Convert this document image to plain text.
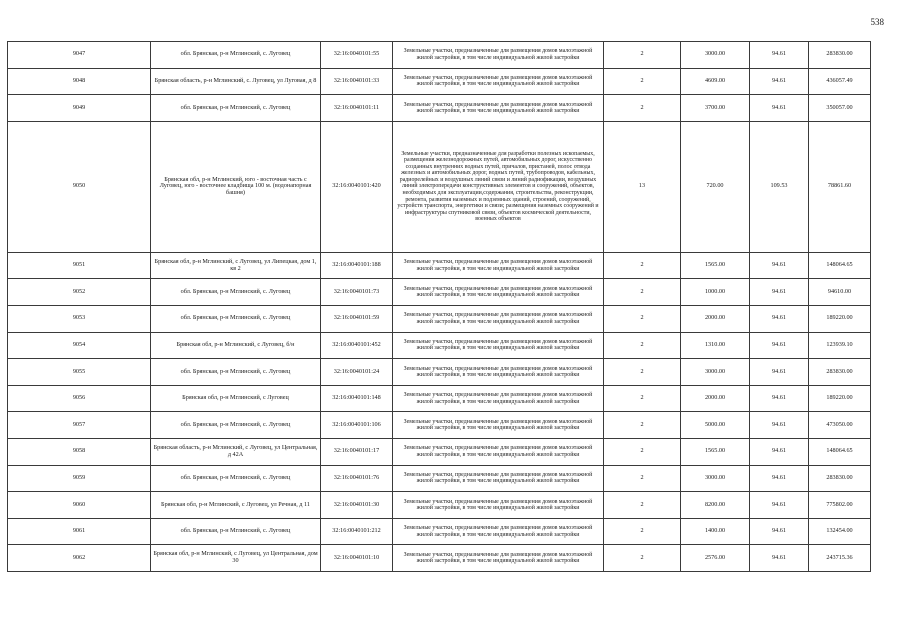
538
9047	обл. Брянская, р-н Мглинский, с. Луговец	32:16:0040101:55	Земельные участки, предназначенные для размещения домов малоэтажной жилой застройки, в том числе индивидуальной жилой застройки	2	3000.00	94.61	283830.00
9048	Брянская область, р-н Мглинский, с. Луговец, ул Луговая, д 8	32:16:0040101:33	Земельные участки, предназначенные для размещения домов малоэтажной жилой застройки, в том числе индивидуальной жилой застройки	2	4609.00	94.61	436057.49
9049	обл. Брянская, р-н Мглинский, с. Луговец	32:16:0040101:11	Земельные участки, предназначенные для размещения домов малоэтажной жилой застройки, в том числе индивидуальной жилой застройки	2	3700.00	94.61	350057.00
9050	Брянская обл, р-н Мглинский, юго - восточная часть с Луговец, юго - восточнее кладбища 100 м. (водонапорная башня)	32:16:0040101:420	Земельные участки, предназначенные для разработки полезных ископаемых, размещения железнодорожных путей, автомобильных дорог, искусственно созданных внутренних водных путей, причалов, пристаней, полос отвода железных и автомобильных дорог, водных путей, трубопроводов, кабельных, радиорелейных и воздушных линий связи и линий радиофикации, воздушных линий электропередачи конструктивных элементов и сооружений, объектов, необходимых для эксплуатации,содержания, строительства, реконструкции, ремонта, развития наземных и подземных зданий, строений, сооружений, устройств транспорта, энергетики и связи; размещения наземных сооружений и инфраструктуры спутниковой связи, объектов космической деятельности, военных объектов	13	720.00	109.53	78861.60
9051	Брянская обл, р-н Мглинский, с Луговец, ул Липецкая, дом 1, кв 2	32:16:0040101:188	Земельные участки, предназначенные для размещения домов малоэтажной жилой застройки, в том числе индивидуальной жилой застройки	2	1565.00	94.61	148064.65
9052	обл. Брянская, р-н Мглинский, с. Луговец	32:16:0040101:73	Земельные участки, предназначенные для размещения домов малоэтажной жилой застройки, в том числе индивидуальной жилой застройки	2	1000.00	94.61	94610.00
9053	обл. Брянская, р-н Мглинский, с. Луговец	32:16:0040101:59	Земельные участки, предназначенные для размещения домов малоэтажной жилой застройки, в том числе индивидуальной жилой застройки	2	2000.00	94.61	189220.00
9054	Брянская обл, р-н Мглинский, с Луговец, б/н	32:16:0040101:452	Земельные участки, предназначенные для размещения домов малоэтажной жилой застройки, в том числе индивидуальной жилой застройки	2	1310.00	94.61	123939.10
9055	обл. Брянская, р-н Мглинский, с. Луговец	32:16:0040101:24	Земельные участки, предназначенные для размещения домов малоэтажной жилой застройки, в том числе индивидуальной жилой застройки	2	3000.00	94.61	283830.00
9056	Брянская обл, р-н Мглинский, с Луговец	32:16:0040101:148	Земельные участки, предназначенные для размещения домов малоэтажной жилой застройки, в том числе индивидуальной жилой застройки	2	2000.00	94.61	189220.00
9057	обл. Брянская, р-н Мглинский, с. Луговец	32:16:0040101:106	Земельные участки, предназначенные для размещения домов малоэтажной жилой застройки, в том числе индивидуальной жилой застройки	2	5000.00	94.61	473050.00
9058	Брянская область, р-н Мглинский, с Луговец, ул Центральная, д 42А	32:16:0040101:17	Земельные участки, предназначенные для размещения домов малоэтажной жилой застройки, в том числе индивидуальной жилой застройки	2	1565.00	94.61	148064.65
9059	обл. Брянская, р-н Мглинский, с. Луговец	32:16:0040101:76	Земельные участки, предназначенные для размещения домов малоэтажной жилой застройки, в том числе индивидуальной жилой застройки	2	3000.00	94.61	283830.00
9060	Брянская обл, р-н Мглинский, с Луговец, ул Речная, д 11	32:16:0040101:30	Земельные участки, предназначенные для размещения домов малоэтажной жилой застройки, в том числе индивидуальной жилой застройки	2	8200.00	94.61	775802.00
9061	обл. Брянская, р-н Мглинский, с. Луговец	32:16:0040101:212	Земельные участки, предназначенные для размещения домов малоэтажной жилой застройки, в том числе индивидуальной жилой застройки	2	1400.00	94.61	132454.00
9062	Брянская обл, р-н Мглинский, с Луговец, ул Центральная, дом 30	32:16:0040101:10	Земельные участки, предназначенные для размещения домов малоэтажной жилой застройки, в том числе индивидуальной жилой застройки	2	2576.00	94.61	243715.36
